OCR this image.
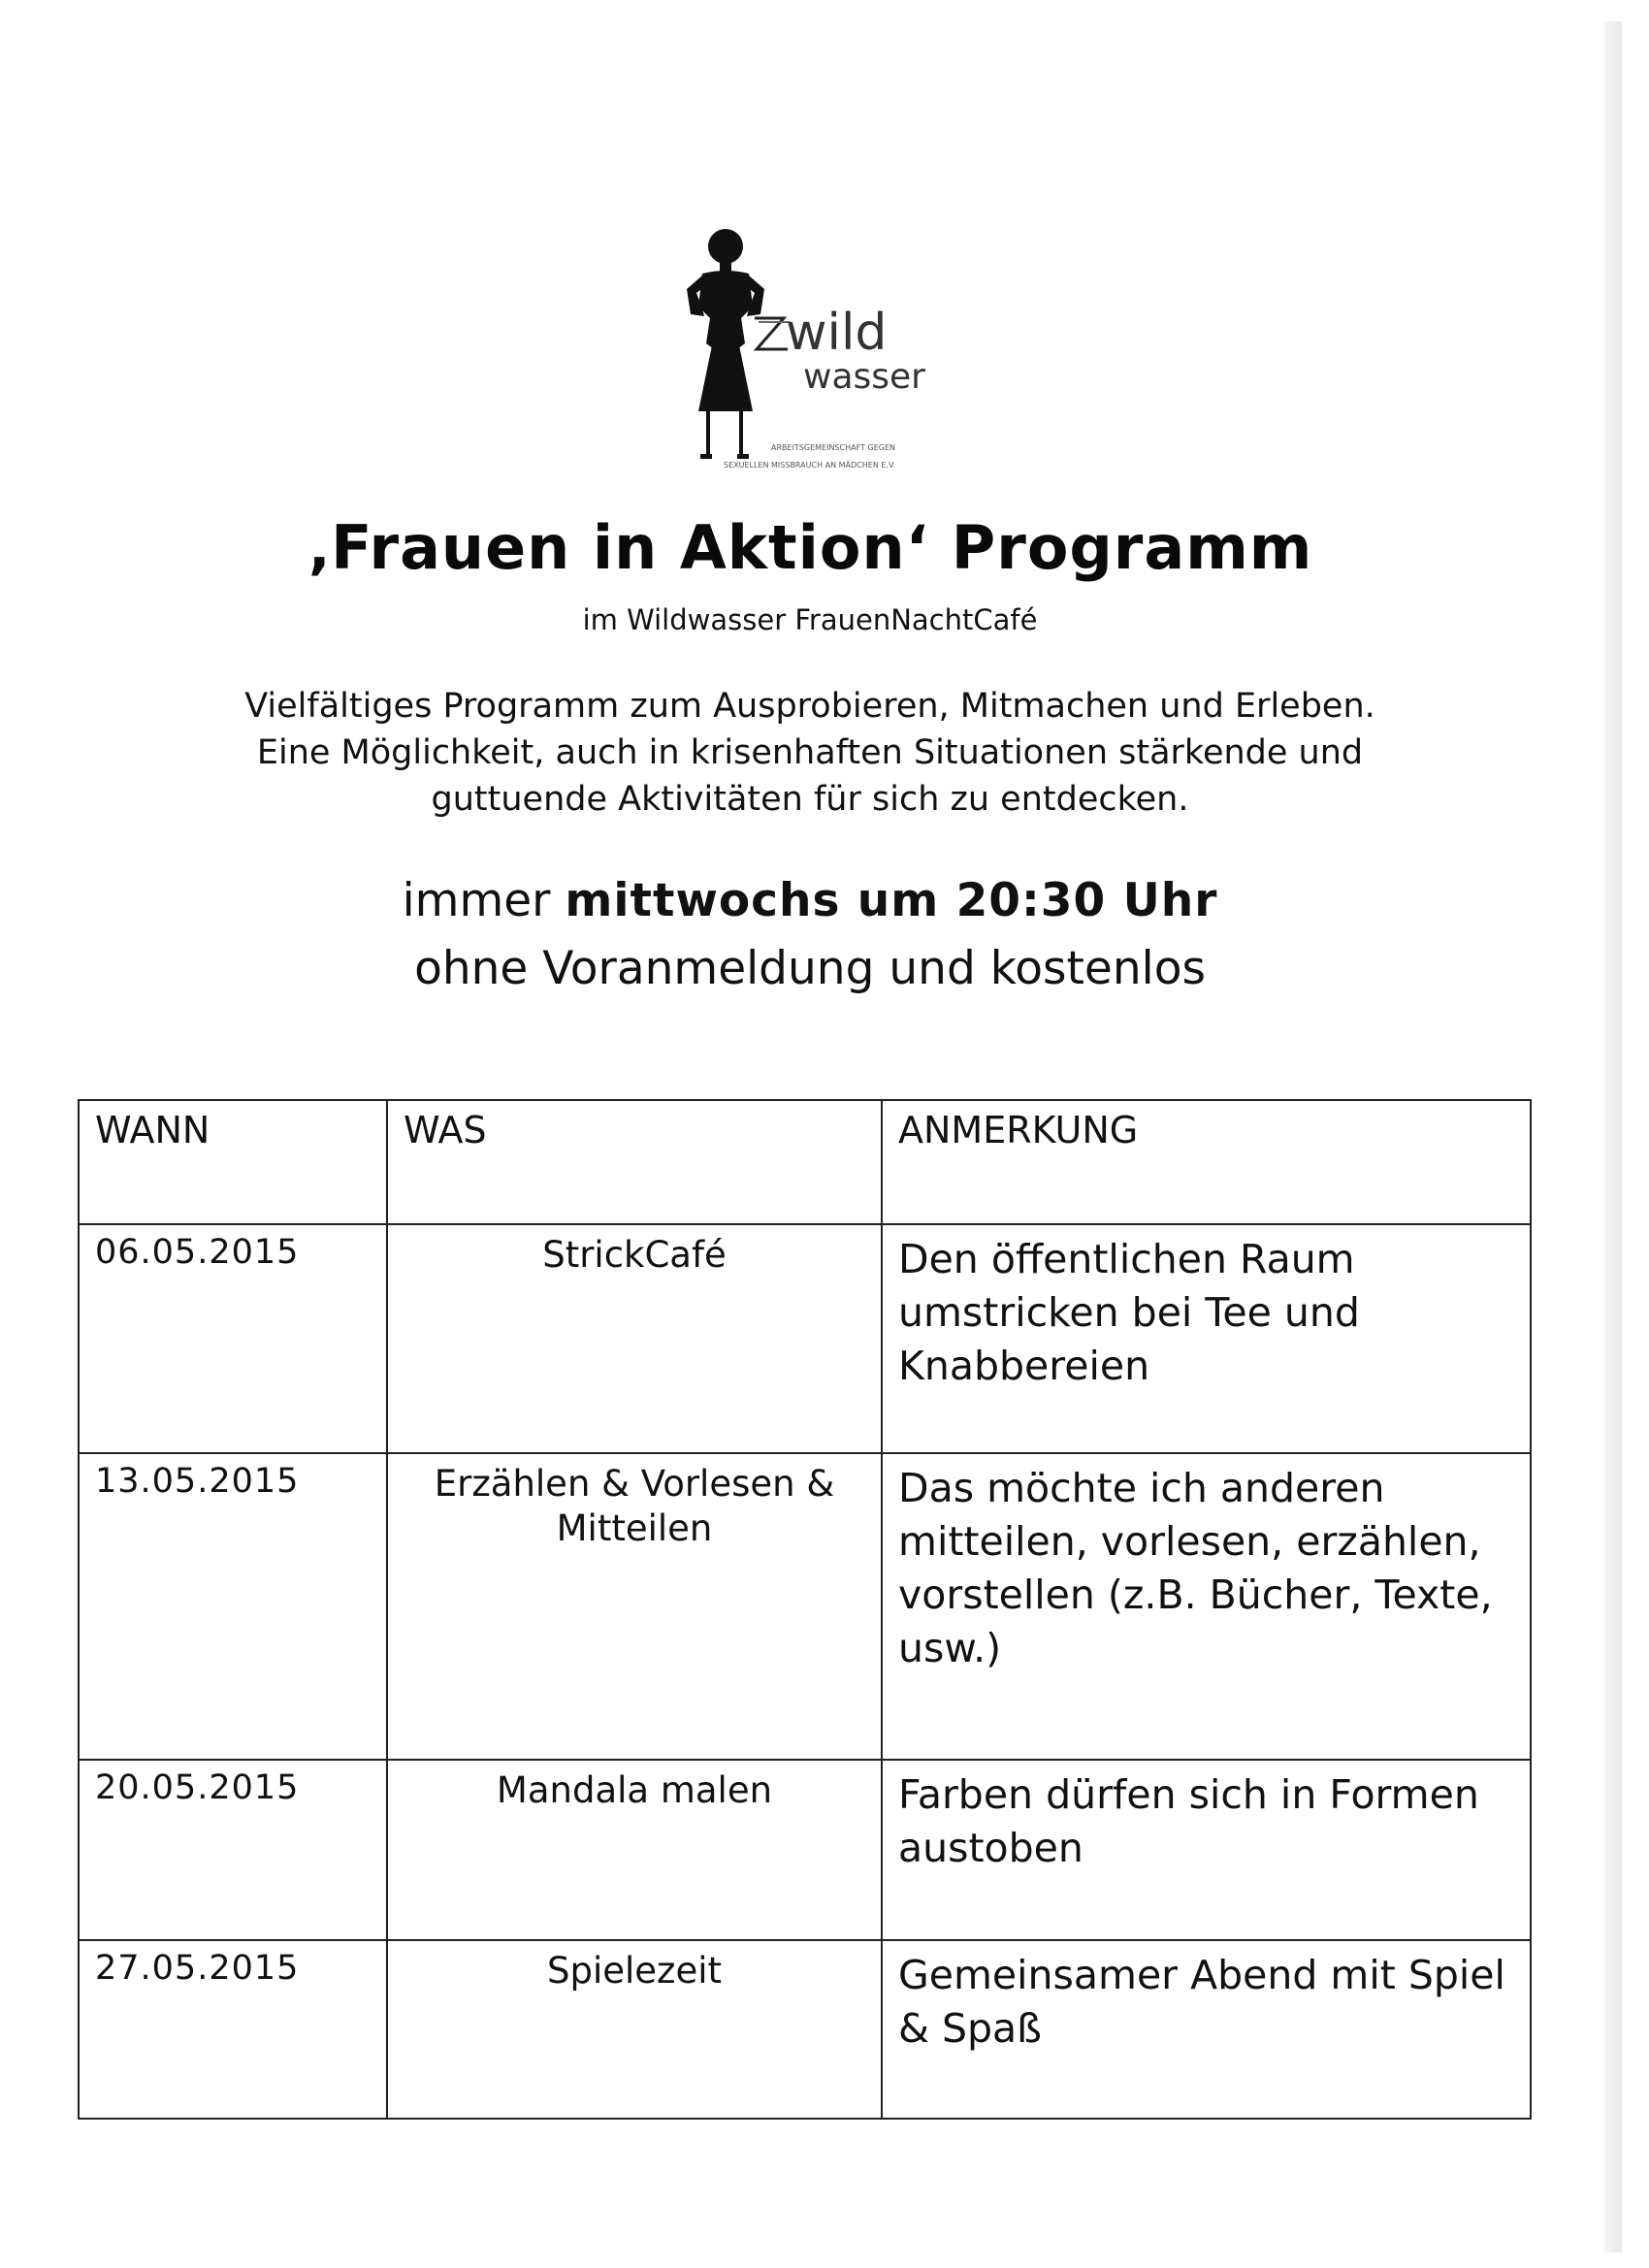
wild
wasser
ARBEITSGEMEINSCHAFT GEGEN
SEXUELLEN MISSBRAUCH AN MÄDCHEN E.V.
‚Frauen in Aktion‘ Programm
im Wildwasser FrauenNachtCafé
Vielfältiges Programm zum Ausprobieren, Mitmachen und Erleben.
Eine Möglichkeit, auch in krisenhaften Situationen stärkende und
guttuende Aktivitäten für sich zu entdecken.
immer mittwochs um 20:30 Uhr
ohne Voranmeldung und kostenlos
WANN	WAS	ANMERKUNG
06.05.2015	StrickCafé	Den öffentlichen Raum umstricken bei Tee und Knabbereien
13.05.2015	Erzählen & Vorlesen & Mitteilen	Das möchte ich anderen mitteilen, vorlesen, erzählen, vorstellen (z.B. Bücher, Texte, usw.)
20.05.2015	Mandala malen	Farben dürfen sich in Formen austoben
27.05.2015	Spielezeit	Gemeinsamer Abend mit Spiel & Spaß
